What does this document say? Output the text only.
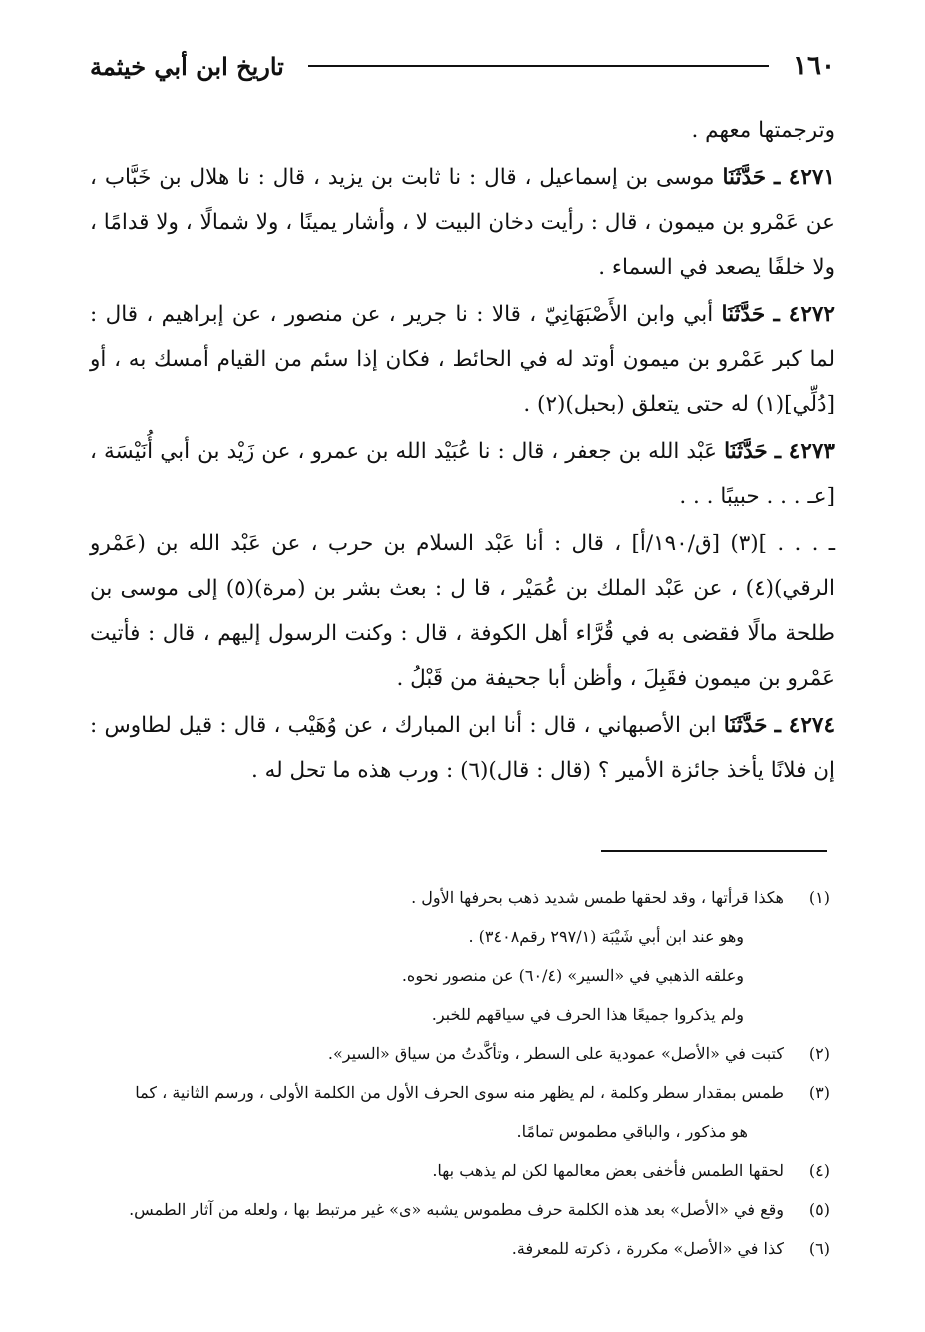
١٦٠
تاريخ ابن أبي خيثمة

وترجمتها معهم .

٤٢٧١ ـ حَدَّثَنَا موسى بن إسماعيل ، قال : نا ثابت بن يزيد ، قال : نا هلال بن خَبَّاب ، عن عَمْرو بن ميمون ، قال : رأيت دخان البيت لا ، وأشار يمينًا ، ولا شمالًا ، ولا قدامًا ، ولا خلفًا يصعد في السماء .

٤٢٧٢ ـ حَدَّثَنَا أبي وابن الأَصْبَهَانِيّ ، قالا : نا جرير ، عن منصور ، عن إبراهيم ، قال : لما كبر عَمْرو بن ميمون أوتد له في الحائط ، فكان إذا سئم من القيام أمسك به ، أو [دُلِّي](١) له حتى يتعلق (بحبل)(٢) .

٤٢٧٣ ـ حَدَّثَنَا عَبْد الله بن جعفر ، قال : نا عُبَيْد الله بن عمرو ، عن زَيْد بن أبي أُنَيْسَة ، [عـ . . . حبيبًا . . .

ـ . . . ](٣) [ق/١٩٠/أ] ، قال : أنا عَبْد السلام بن حرب ، عن عَبْد الله بن (عَمْرو الرقي)(٤) ، عن عَبْد الملك بن عُمَيْر ، قا ل : بعث بشر بن (مرة)(٥) إلى موسى بن طلحة مالًا فقضى به في قُرَّاء أهل الكوفة ، قال : وكنت الرسول إليهم ، قال : فأتيت عَمْرو بن ميمون فقَبِلَ ، وأظن أبا جحيفة من قَبْلُ .

٤٢٧٤ ـ حَدَّثَنَا ابن الأصبهاني ، قال : أنا ابن المبارك ، عن وُهَيْب ، قال : قيل لطاوس : إن فلانًا يأخذ جائزة الأمير ؟ (قال : قال)(٦) : ورب هذه ما تحل له .

(١)
هكذا قرأتها ، وقد لحقها طمس شديد ذهب بحرفها الأول .
وهو عند ابن أبي شَيْبَة (٢٩٧/١ رقم٣٤٠٨) .
وعلقه الذهبي في «السير» (٦٠/٤) عن منصور نحوه.
ولم يذكروا جميعًا هذا الحرف في سياقهم للخبر.
(٢)
كتبت في «الأصل» عمودية على السطر ، وتأكَّدتُ من سياق «السير».
(٣)
طمس بمقدار سطر وكلمة ، لم يظهر منه سوى الحرف الأول من الكلمة الأولى ، ورسم الثانية ، كما
هو مذكور ، والباقي مطموس تمامًا.
(٤)
لحقها الطمس فأخفى بعض معالمها لكن لم يذهب بها.
(٥)
وقع في «الأصل» بعد هذه الكلمة حرف مطموس يشبه «ى» غير مرتبط بها ، ولعله من آثار الطمس.
(٦)
كذا في «الأصل» مكررة ، ذكرته للمعرفة.
